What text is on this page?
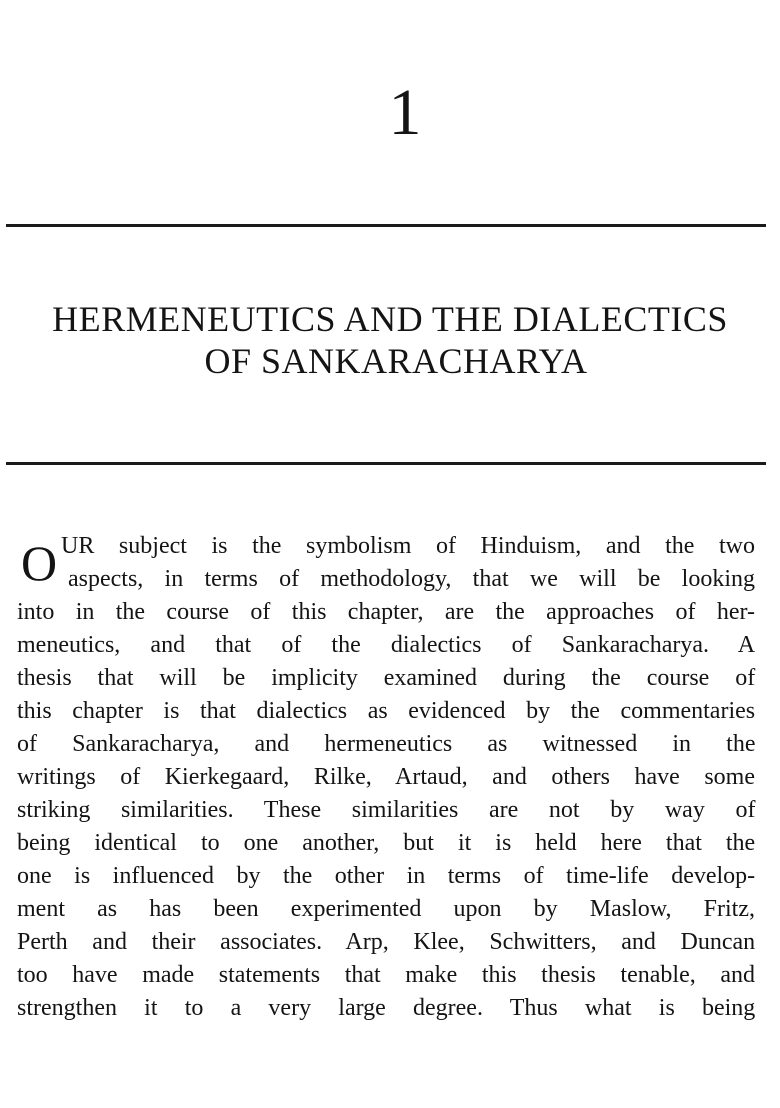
1
HERMENEUTICS AND THE DIALECTICS
OF SANKARACHARYA
O UR subject is the symbolism of Hinduism, and the two
aspects, in terms of methodology, that we will be looking
into in the course of this chapter, are the approaches of her-
meneutics, and that of the dialectics of Sankaracharya. A
thesis that will be implicity examined during the course of
this chapter is that dialectics as evidenced by the commentaries
of Sankaracharya, and hermeneutics as witnessed in the
writings of Kierkegaard, Rilke, Artaud, and others have some
striking similarities. These similarities are not by way of
being identical to one another, but it is held here that the
one is influenced by the other in terms of time-life develop-
ment as has been experimented upon by Maslow, Fritz,
Perth and their associates. Arp, Klee, Schwitters, and Duncan
too have made statements that make this thesis tenable, and
strengthen it to a very large degree. Thus what is being
